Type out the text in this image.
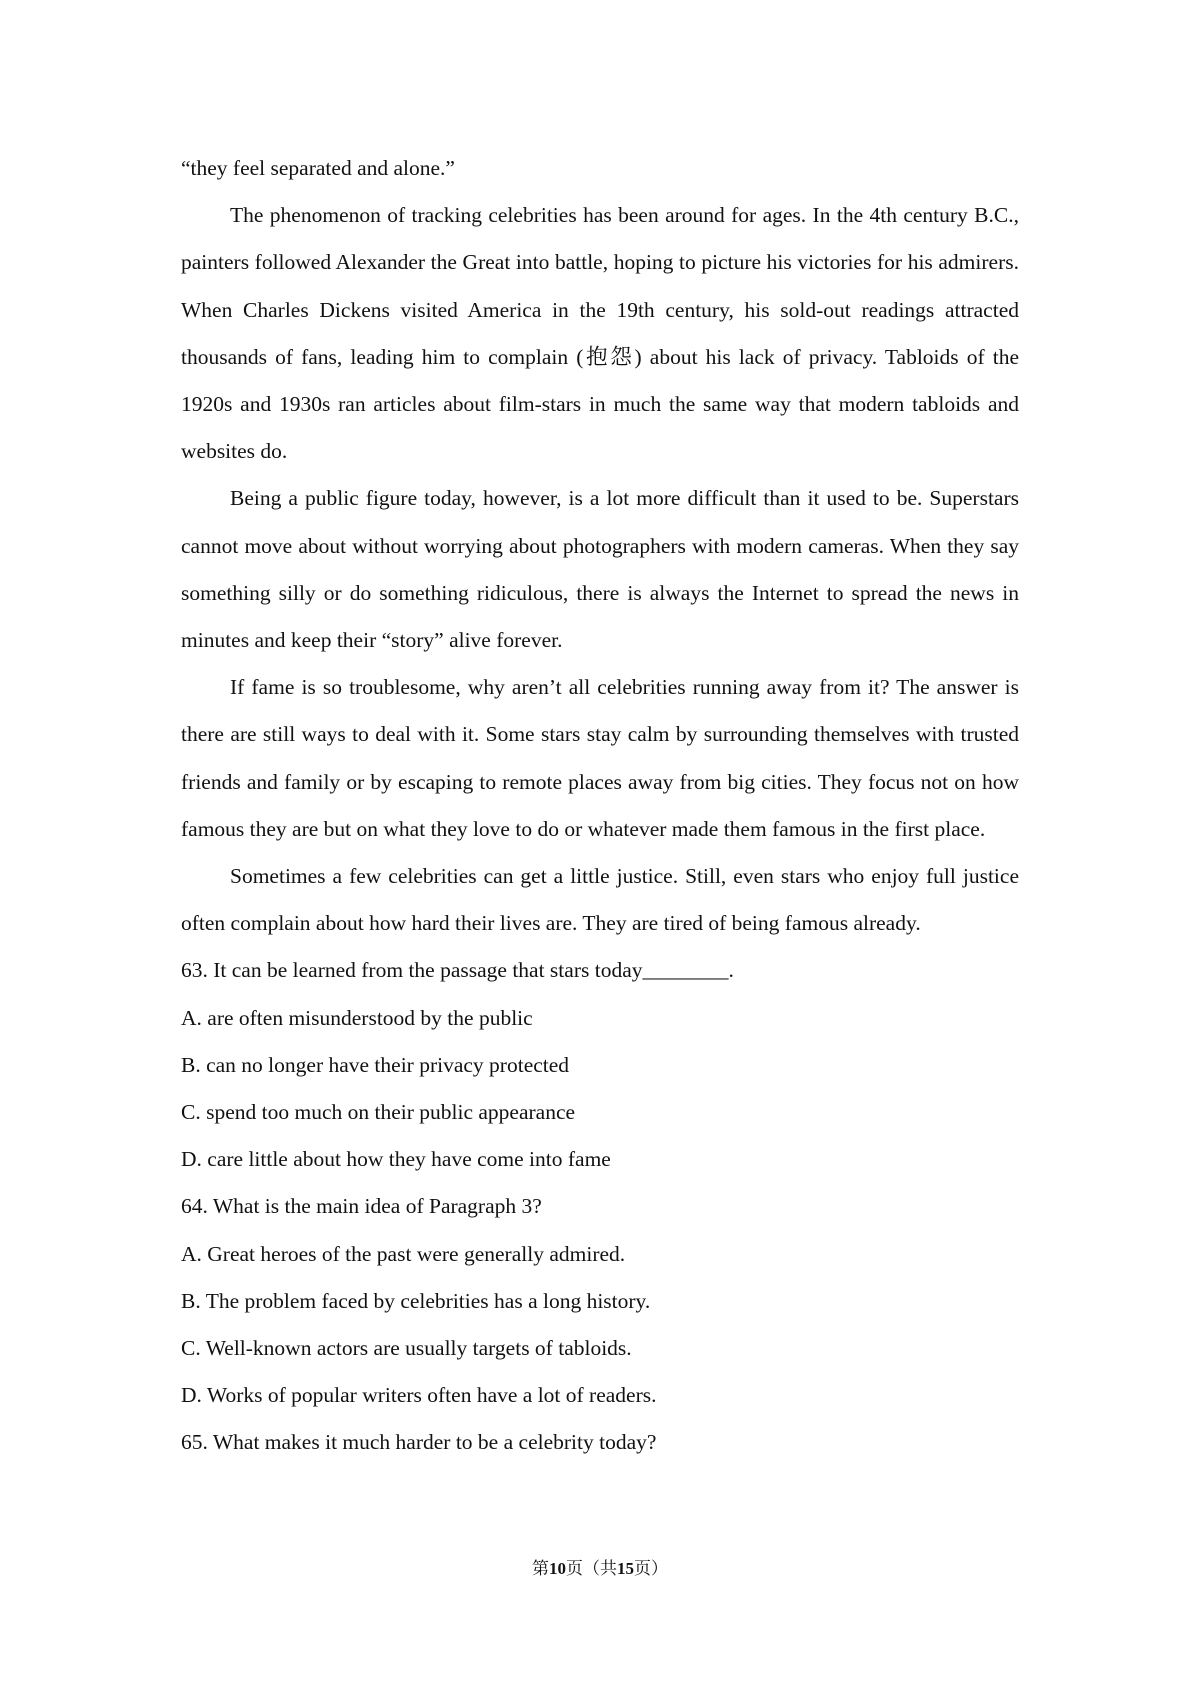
“they feel separated and alone.”

The phenomenon of tracking celebrities has been around for ages. In the 4th century B.C., painters followed Alexander the Great into battle, hoping to picture his victories for his admirers. When Charles Dickens visited America in the 19th century, his sold-out readings attracted thousands of fans, leading him to complain (抱怨) about his lack of privacy. Tabloids of the 1920s and 1930s ran articles about film-stars in much the same way that modern tabloids and websites do.

Being a public figure today, however, is a lot more difficult than it used to be. Superstars cannot move about without worrying about photographers with modern cameras. When they say something silly or do something ridiculous, there is always the Internet to spread the news in minutes and keep their “story” alive forever.

If fame is so troublesome, why aren’t all celebrities running away from it? The answer is there are still ways to deal with it. Some stars stay calm by surrounding themselves with trusted friends and family or by escaping to remote places away from big cities. They focus not on how famous they are but on what they love to do or whatever made them famous in the first place.

Sometimes a few celebrities can get a little justice. Still, even stars who enjoy full justice often complain about how hard their lives are. They are tired of being famous already.

63. It can be learned from the passage that stars today________.

A. are often misunderstood by the public

B. can no longer have their privacy protected

C. spend too much on their public appearance

D. care little about how they have come into fame

64. What is the main idea of Paragraph 3?

A. Great heroes of the past were generally admired.

B. The problem faced by celebrities has a long history.

C. Well-known actors are usually targets of tabloids.

D. Works of popular writers often have a lot of readers.

65. What makes it much harder to be a celebrity today?

第10页（共15页）
